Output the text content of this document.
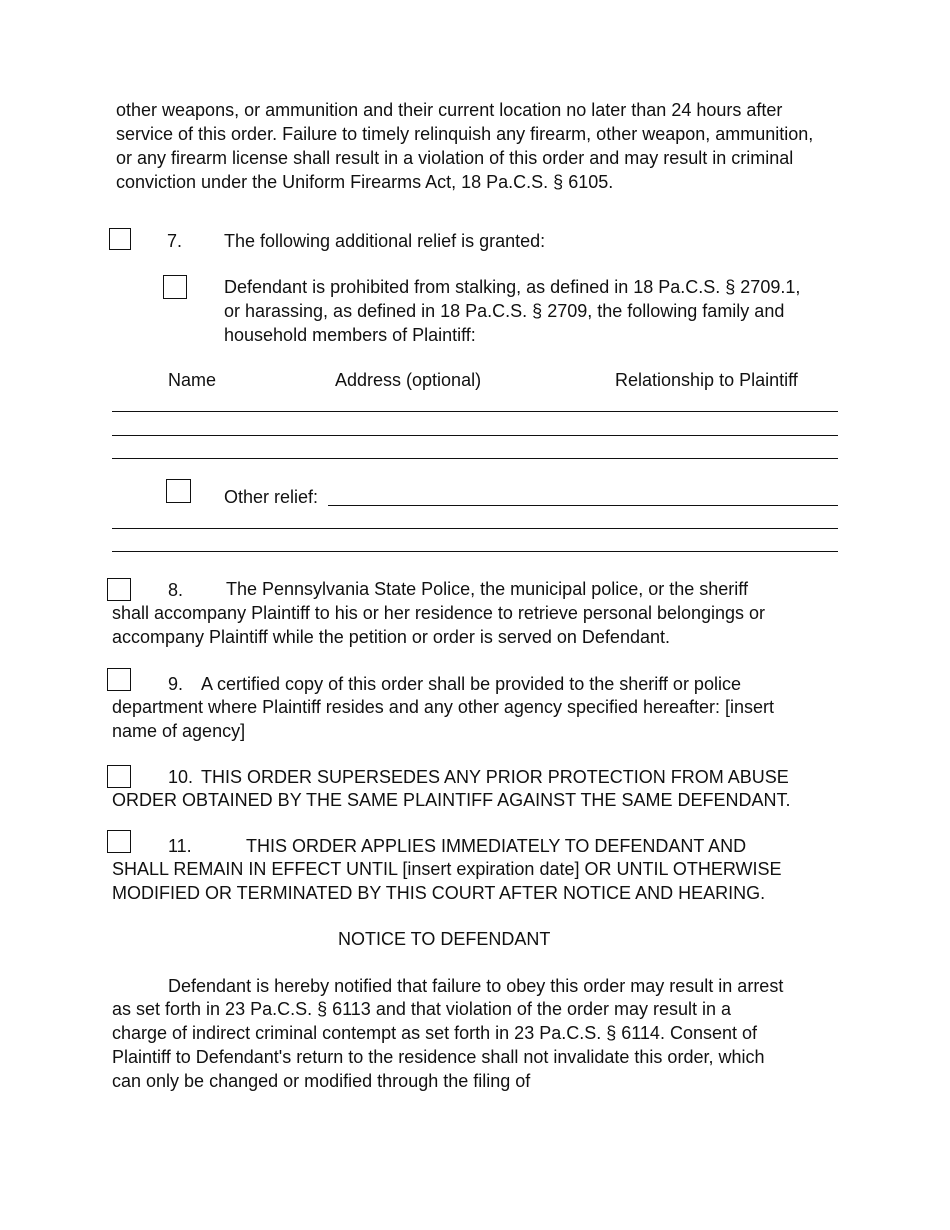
other weapons, or ammunition and their current location no later than 24 hours after
service of this order. Failure to timely relinquish any firearm, other weapon, ammunition,
or any firearm license shall result in a violation of this order and may result in criminal
conviction under the Uniform Firearms Act, 18 Pa.C.S. § 6105.
7. The following additional relief is granted:
Defendant is prohibited from stalking, as defined in 18 Pa.C.S. § 2709.1,
or harassing, as defined in 18 Pa.C.S. § 2709, the following family and
household members of Plaintiff:
Name	Address (optional)	Relationship to Plaintiff
Other relief:
8. The Pennsylvania State Police, the municipal police, or the sheriff
shall accompany Plaintiff to his or her residence to retrieve personal belongings or
accompany Plaintiff while the petition or order is served on Defendant.
9. A certified copy of this order shall be provided to the sheriff or police
department where Plaintiff resides and any other agency specified hereafter: [insert
name of agency]
10. THIS ORDER SUPERSEDES ANY PRIOR PROTECTION FROM ABUSE
ORDER OBTAINED BY THE SAME PLAINTIFF AGAINST THE SAME DEFENDANT.
11.	THIS ORDER APPLIES IMMEDIATELY TO DEFENDANT AND
SHALL REMAIN IN EFFECT UNTIL [insert expiration date] OR UNTIL OTHERWISE
MODIFIED OR TERMINATED BY THIS COURT AFTER NOTICE AND HEARING.
NOTICE TO DEFENDANT
Defendant is hereby notified that failure to obey this order may result in arrest
as set forth in 23 Pa.C.S. § 6113 and that violation of the order may result in a
charge of indirect criminal contempt as set forth in 23 Pa.C.S. § 6114. Consent of
Plaintiff to Defendant's return to the residence shall not invalidate this order, which
can only be changed or modified through the filing of
